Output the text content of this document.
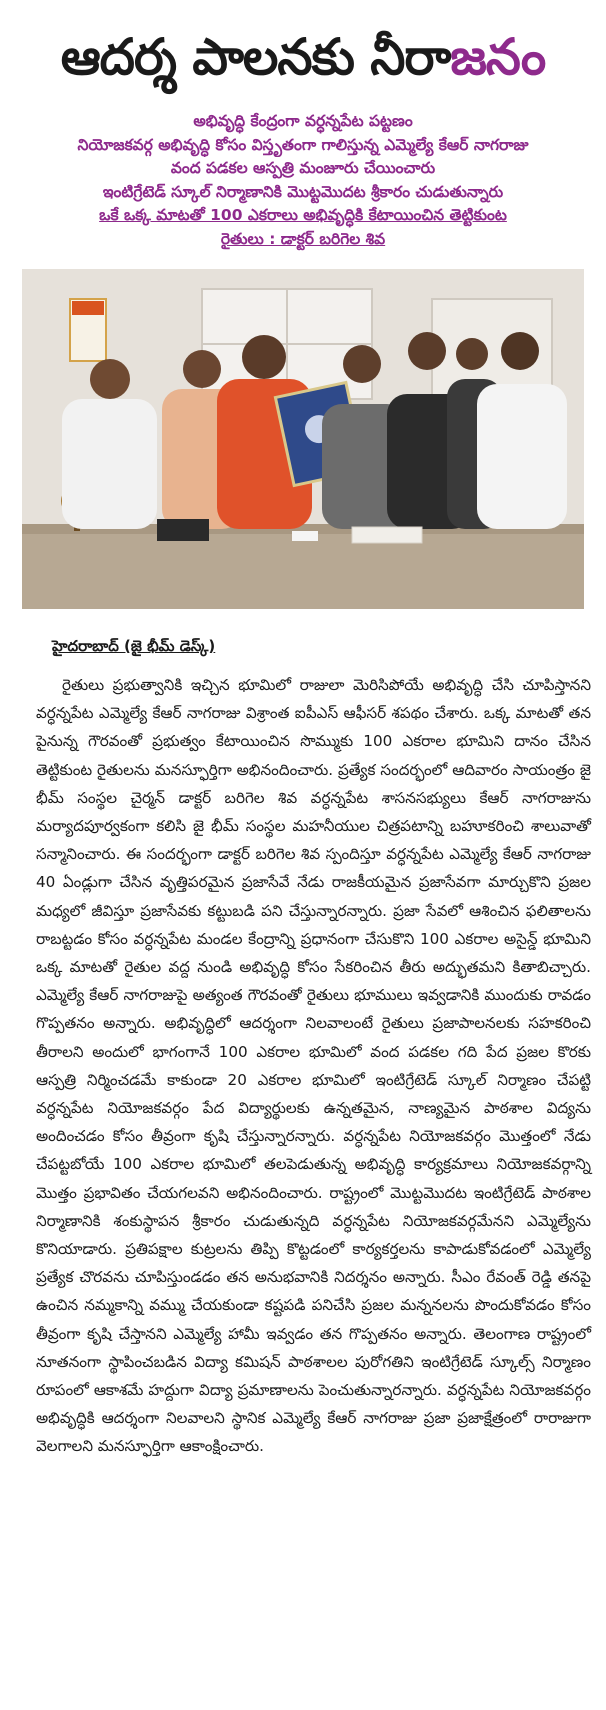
ఆదర్శ పాలనకు నీరాజనం
అభివృద్ధి కేంద్రంగా వర్ధన్నపేట పట్టణం
నియోజకవర్గ అభివృద్ధి కోసం విస్తృతంగా గాలిస్తున్న ఎమ్మెల్యే కేఆర్ నాగరాజు
వంద పడకల ఆస్పత్రి మంజూరు చేయించారు
ఇంటిగ్రేటెడ్ స్కూల్ నిర్మాణానికి మొట్టమొదట శ్రీకారం చుడుతున్నారు
ఒకే ఒక్క మాటతో 100 ఎకరాలు అభివృద్ధికి కేటాయించిన తెట్టికుంట
రైతులు : డాక్టర్ బరిగెల శివ
హైదరాబాద్ (జై భీమ్ డెస్క్)

రైతులు ప్రభుత్వానికి ఇచ్చిన భూమిలో రాజులా మెరిసిపోయే అభివృద్ధి చేసి చూపిస్తానని వర్ధన్నపేట ఎమ్మెల్యే కేఆర్ నాగరాజు విశ్రాంత ఐపీఎస్ ఆఫీసర్ శపథం చేశారు. ఒక్క మాటతో తన పైనున్న గౌరవంతో ప్రభుత్వం కేటాయించిన సొమ్ముకు 100 ఎకరాల భూమిని దానం చేసిన తెట్టికుంట రైతులను మనస్ఫూర్తిగా అభినందించారు. ప్రత్యేక సందర్భంలో ఆదివారం సాయంత్రం జై భీమ్ సంస్థల చైర్మన్ డాక్టర్ బరిగెల శివ వర్ధన్నపేట శాసనసభ్యులు కేఆర్ నాగరాజును మర్యాదపూర్వకంగా కలిసి జై భీమ్ సంస్థల మహనీయుల చిత్రపటాన్ని బహూకరించి శాలువాతో సన్మానించారు. ఈ సందర్భంగా డాక్టర్ బరిగెల శివ స్పందిస్తూ వర్ధన్నపేట ఎమ్మెల్యే కేఆర్ నాగరాజు 40 ఏండ్లుగా చేసిన వృత్తిపరమైన ప్రజాసేవే నేడు రాజకీయమైన ప్రజాసేవగా మార్చుకొని ప్రజల మధ్యలో జీవిస్తూ ప్రజాసేవకు కట్టుబడి పని చేస్తున్నారన్నారు. ప్రజా సేవలో ఆశించిన ఫలితాలను రాబట్టడం కోసం వర్ధన్నపేట మండల కేంద్రాన్ని ప్రధానంగా చేసుకొని 100 ఎకరాల అసైన్డ్ భూమిని ఒక్క మాటతో రైతుల వద్ద నుండి అభివృద్ధి కోసం సేకరించిన తీరు అద్భుతమని కితాబిచ్చారు. ఎమ్మెల్యే కేఆర్ నాగరాజుపై అత్యంత గౌరవంతో రైతులు భూములు ఇవ్వడానికి ముందుకు రావడం గొప్పతనం అన్నారు. అభివృద్ధిలో ఆదర్శంగా నిలవాలంటే రైతులు ప్రజాపాలనలకు సహకరించి తీరాలని అందులో భాగంగానే 100 ఎకరాల భూమిలో వంద పడకల గది పేద ప్రజల కొరకు ఆస్పత్రి నిర్మించడమే కాకుండా 20 ఎకరాల భూమిలో ఇంటిగ్రేటెడ్ స్కూల్ నిర్మాణం చేపట్టి వర్ధన్నపేట నియోజకవర్గం పేద విద్యార్థులకు ఉన్నతమైన, నాణ్యమైన పాఠశాల విద్యను అందించడం కోసం తీవ్రంగా కృషి చేస్తున్నారన్నారు. వర్ధన్నపేట నియోజకవర్గం మొత్తంలో నేడు చేపట్టబోయే 100 ఎకరాల భూమిలో తలపెడుతున్న అభివృద్ధి కార్యక్రమాలు నియోజకవర్గాన్ని మొత్తం ప్రభావితం చేయగలవని అభినందించారు. రాష్ట్రంలో మొట్టమొదట ఇంటిగ్రేటెడ్ పాఠశాల నిర్మాణానికి శంకుస్థాపన శ్రీకారం చుడుతున్నది వర్ధన్నపేట నియోజకవర్గమేనని ఎమ్మెల్యేను కొనియాడారు. ప్రతిపక్షాల కుట్రలను తిప్పి కొట్టడంలో కార్యకర్తలను కాపాడుకోవడంలో ఎమ్మెల్యే ప్రత్యేక చొరవను చూపిస్తుండడం తన అనుభవానికి నిదర్శనం అన్నారు. సీఎం రేవంత్ రెడ్డి తనపై ఉంచిన నమ్మకాన్ని వమ్ము చేయకుండా కష్టపడి పనిచేసి ప్రజల మన్ననలను పొందుకోవడం కోసం తీవ్రంగా కృషి చేస్తానని ఎమ్మెల్యే హామీ ఇవ్వడం తన గొప్పతనం అన్నారు. తెలంగాణ రాష్ట్రంలో నూతనంగా స్థాపించబడిన విద్యా కమిషన్ పాఠశాలల పురోగతిని ఇంటిగ్రేటెడ్ స్కూల్స్ నిర్మాణం రూపంలో ఆకాశమే హద్దుగా విద్యా ప్రమాణాలను పెంచుతున్నారన్నారు. వర్ధన్నపేట నియోజకవర్గం అభివృద్ధికి ఆదర్శంగా నిలవాలని స్థానిక ఎమ్మెల్యే కేఆర్ నాగరాజు ప్రజా ప్రజాక్షేత్రంలో రారాజుగా వెలగాలని మనస్ఫూర్తిగా ఆకాంక్షించారు.
